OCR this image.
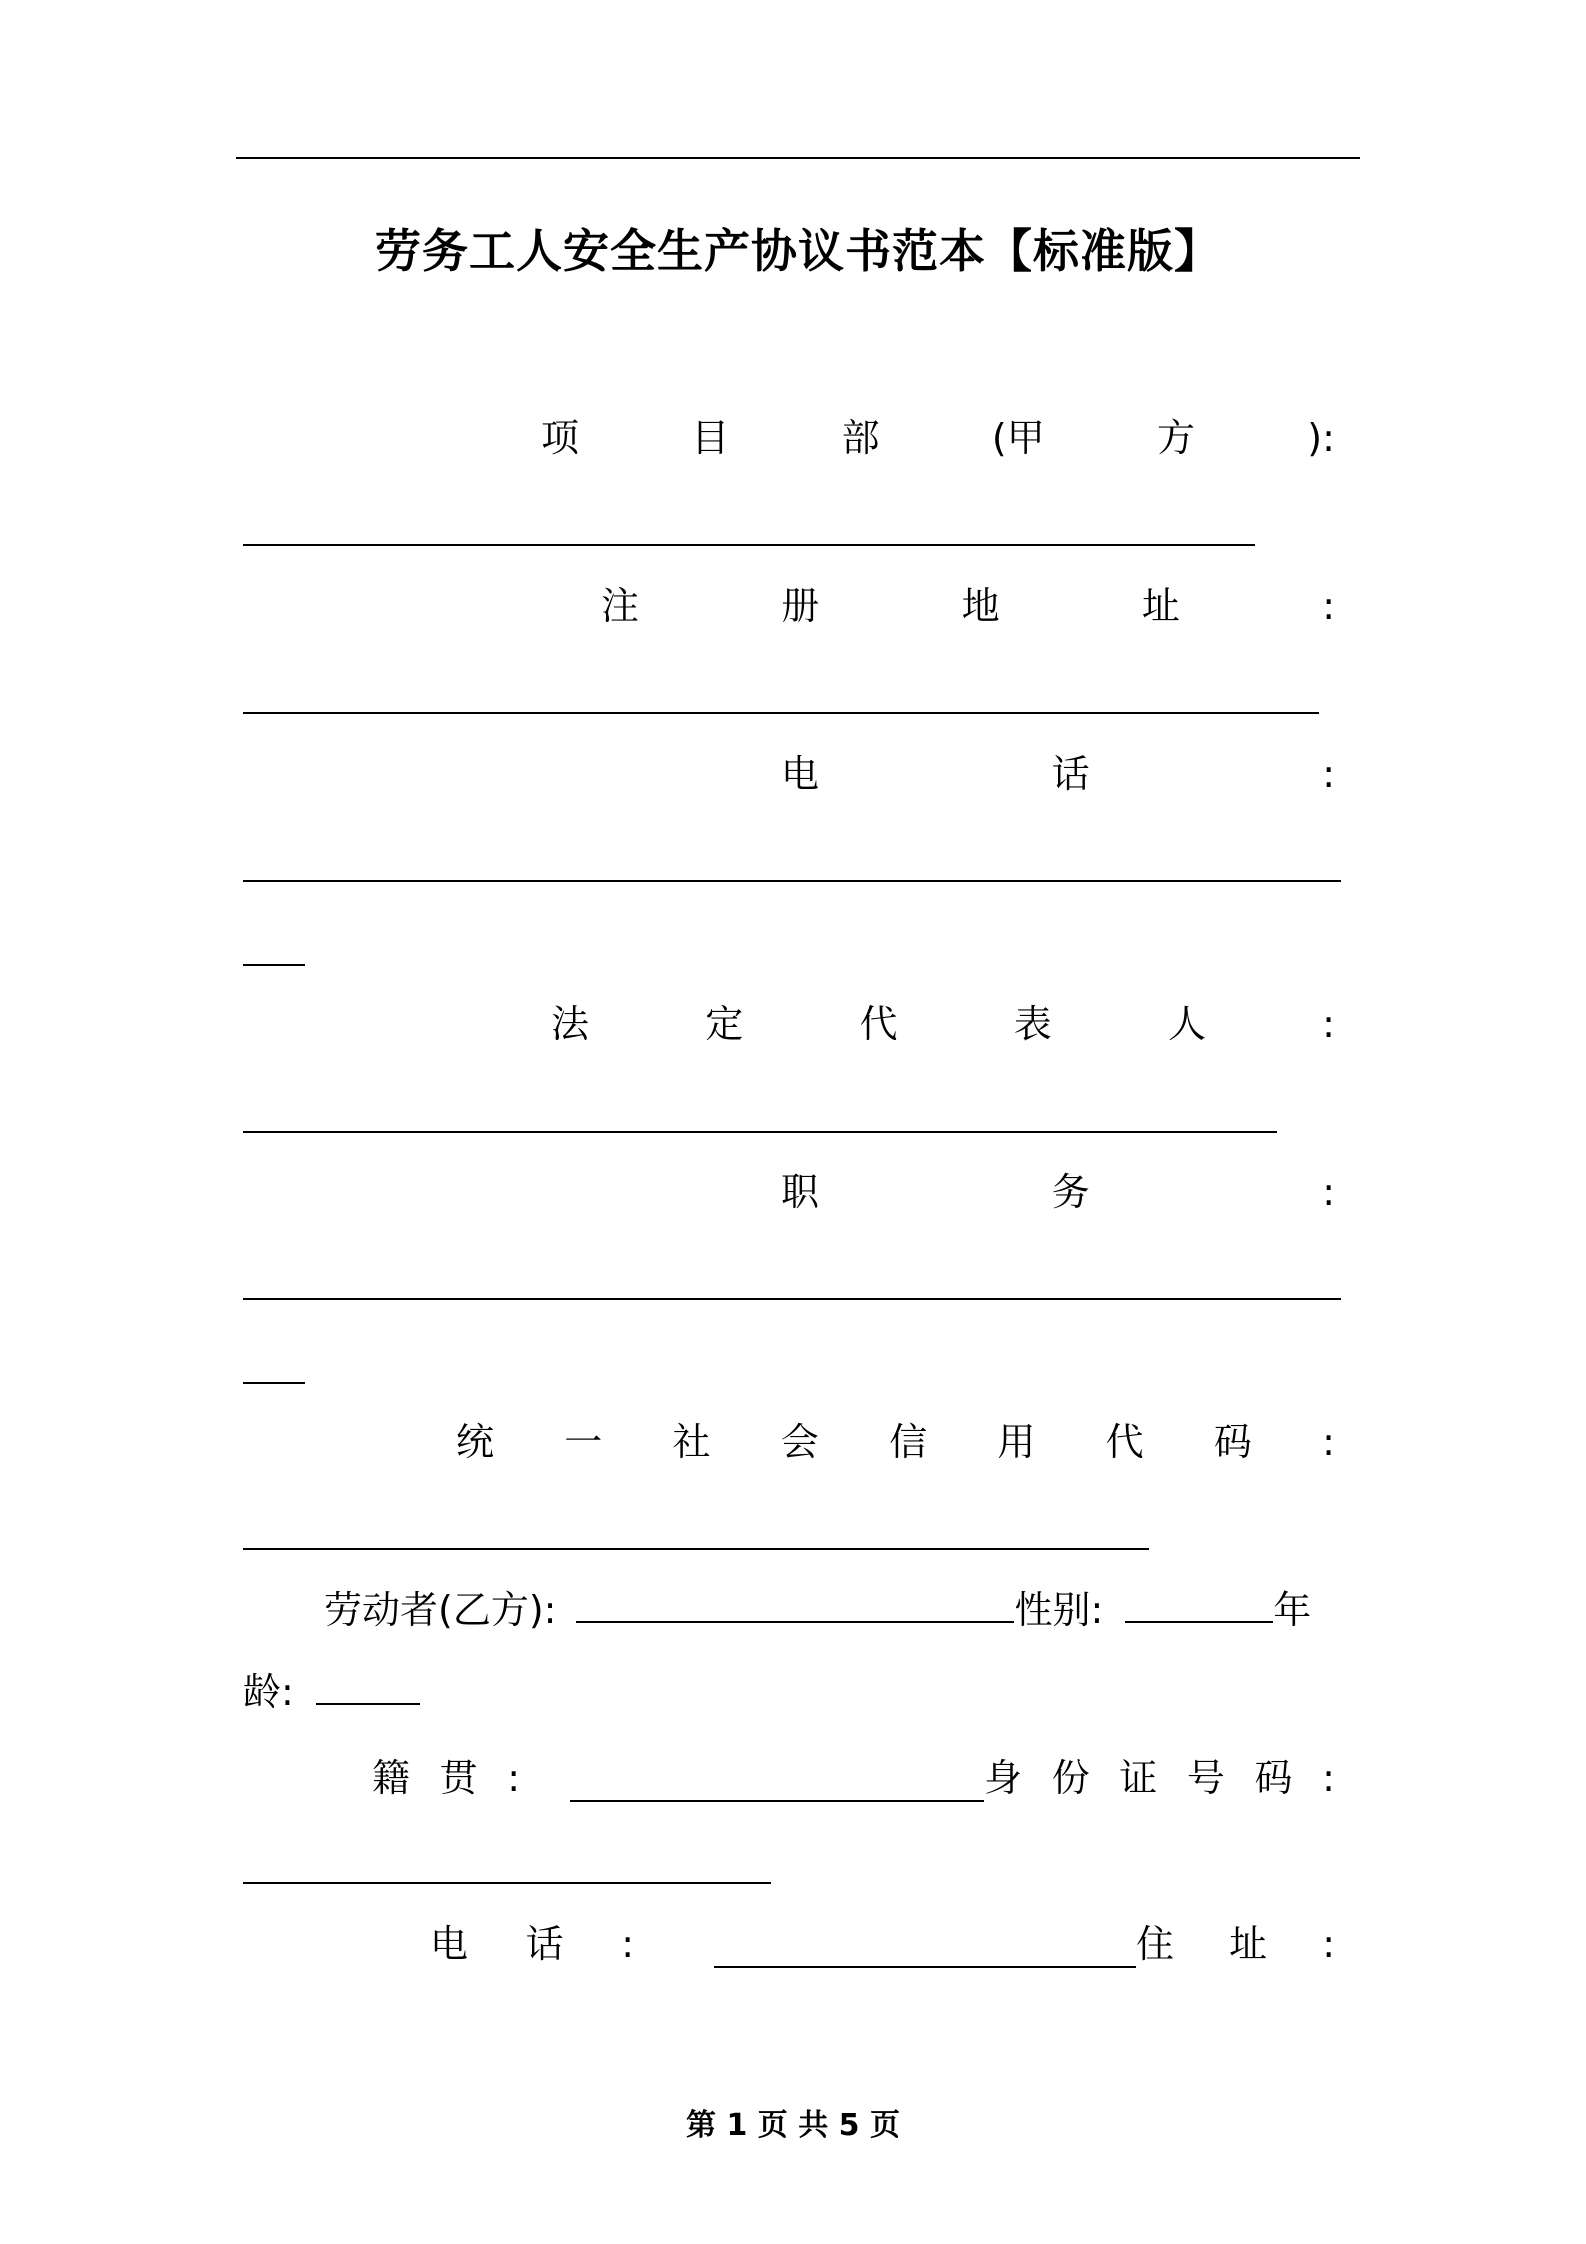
劳务工人安全生产协议书范本【标准版】
项	目	部	(甲	方	):
注	册	地	址	:
电	话	:
法	定	代	表	人	:
职	务	:
统 一 社 会 信 用 代 码 :
劳动者(乙方):	性别:	年
龄:
籍 贯 :	身 份 证 号 码 :
电 话 :	住 址 :
第 1 页 共 5 页
